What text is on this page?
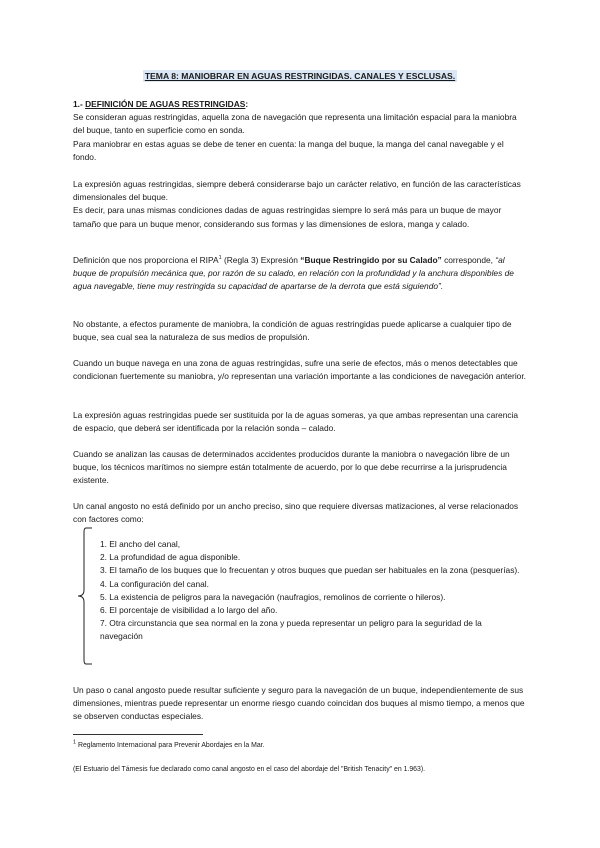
TEMA 8: MANIOBRAR EN AGUAS RESTRINGIDAS. CANALES Y ESCLUSAS.

1.- DEFINICIÓN DE AGUAS RESTRINGIDAS:

Se consideran aguas restringidas, aquella zona de navegación que representa una limitación espacial para la maniobra del buque, tanto en superficie como en sonda.

Para maniobrar en estas aguas se debe de tener en cuenta: la manga del buque, la manga del canal navegable y el fondo.

La expresión aguas restringidas, siempre deberá considerarse bajo un carácter relativo, en función de las características dimensionales del buque.

Es decir, para unas mismas condiciones dadas de aguas restringidas siempre lo será más para un buque de mayor tamaño que para un buque menor, considerando sus formas y las dimensiones de eslora, manga y calado.

Definición que nos proporciona el RIPA$^1$ (Regla 3) Expresión “Buque Restringido por su Calado” corresponde, “al buque de propulsión mecánica que, por razón de su calado, en relación con la profundidad y la anchura disponibles de agua navegable, tiene muy restringida su capacidad de apartarse de la derrota que está siguiendo”.

No obstante, a efectos puramente de maniobra, la condición de aguas restringidas puede aplicarse a cualquier tipo de buque, sea cual sea la naturaleza de sus medios de propulsión.

Cuando un buque navega en una zona de aguas restringidas, sufre una serie de efectos, más o menos detectables que condicionan fuertemente su maniobra, y/o representan una variación importante a las condiciones de navegación anterior.

La expresión aguas restringidas puede ser sustituida por la de aguas someras, ya que ambas representan una carencia de espacio, que deberá ser identificada por la relación sonda – calado.

Cuando se analizan las causas de determinados accidentes producidos durante la maniobra o navegación libre de un buque, los técnicos marítimos no siempre están totalmente de acuerdo, por lo que debe recurrirse a la jurisprudencia existente.

Un canal angosto no está definido por un ancho preciso, sino que requiere diversas matizaciones, al verse relacionados con factores como:

1. El ancho del canal,
2. La profundidad de agua disponible.
3. El tamaño de los buques que lo frecuentan y otros buques que puedan ser habituales en la zona (pesquerías).
4. La configuración del canal.
5. La existencia de peligros para la navegación (naufragios, remolinos de corriente o hileros).
6. El porcentaje de visibilidad a lo largo del año.
7. Otra circunstancia que sea normal en la zona y pueda representar un peligro para la seguridad de la navegación

Un paso o canal angosto puede resultar suficiente y seguro para la navegación de un buque, independientemente de sus dimensiones, mientras puede representar un enorme riesgo cuando coincidan dos buques al mismo tiempo, a menos que se observen conductas especiales.

$^1$ Reglamento Internacional para Prevenir Abordajes en la Mar.
(El Estuario del Támesis fue declarado como canal angosto en el caso del abordaje del "British Tenacity" en 1.963).
